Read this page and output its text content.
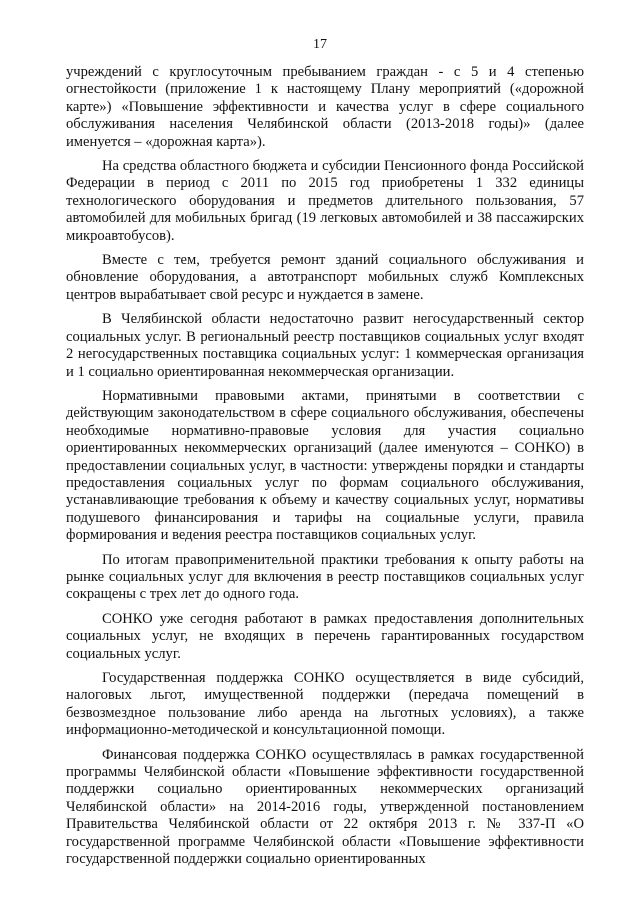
17

учреждений с круглосуточным пребыванием граждан - с 5 и 4 степенью огнестойкости (приложение 1 к настоящему Плану мероприятий («дорожной карте») «Повышение эффективности и качества услуг в сфере социального обслуживания населения Челябинской области (2013-2018 годы)» (далее именуется – «дорожная карта»).

На средства областного бюджета и субсидии Пенсионного фонда Российской Федерации в период с 2011 по 2015 год приобретены 1 332 единицы технологического оборудования и предметов длительного пользования, 57 автомобилей для мобильных бригад (19 легковых автомобилей и 38 пассажирских микроавтобусов).

Вместе с тем, требуется ремонт зданий социального обслуживания и обновление оборудования, а автотранспорт мобильных служб Комплексных центров вырабатывает свой ресурс и нуждается в замене.

В Челябинской области недостаточно развит негосударственный сектор социальных услуг. В региональный реестр поставщиков социальных услуг входят 2 негосударственных поставщика социальных услуг: 1 коммерческая организация и 1 социально ориентированная некоммерческая организации.

Нормативными правовыми актами, принятыми в соответствии с действующим законодательством в сфере социального обслуживания, обеспечены необходимые нормативно-правовые условия для участия социально ориентированных некоммерческих организаций (далее именуются – СОНКО) в предоставлении социальных услуг, в частности: утверждены порядки и стандарты предоставления социальных услуг по формам социального обслуживания, устанавливающие требования к объему и качеству социальных услуг, нормативы подушевого финансирования и тарифы на социальные услуги, правила формирования и ведения реестра поставщиков социальных услуг.

По итогам правоприменительной практики требования к опыту работы на рынке социальных услуг для включения в реестр поставщиков социальных услуг сокращены с трех лет до одного года.

СОНКО уже сегодня работают в рамках предоставления дополнительных социальных услуг, не входящих в перечень гарантированных государством социальных услуг.

Государственная поддержка СОНКО осуществляется в виде субсидий, налоговых льгот, имущественной поддержки (передача помещений в безвозмездное пользование либо аренда на льготных условиях), а также информационно-методической и консультационной помощи.

Финансовая поддержка СОНКО осуществлялась в рамках государственной программы Челябинской области «Повышение эффективности государственной поддержки социально ориентированных некоммерческих организаций Челябинской области» на 2014-2016 годы, утвержденной постановлением Правительства Челябинской области от 22 октября 2013 г. № 337-П «О государственной программе Челябинской области «Повышение эффективности государственной поддержки социально ориентированных
